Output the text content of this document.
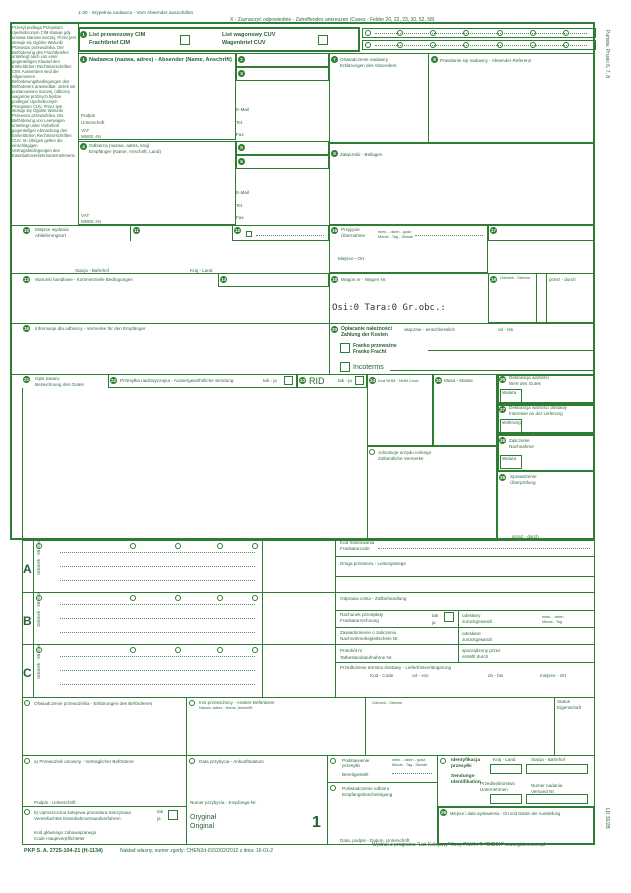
1-30 - Wypełnia nadawca - Vom Absender auszufüllen
X - Zaznaczyć odpowiednie - Zutreffendes ankreuzen (Cases - Felder 20, 22, 23, 30, 52, 58)
Przesył podlega Przepisom Ujednoliconym CIM stosuje gdy umowa stanowi inaczej. Przez jest stosuje się Ogólne Warunki Przewozu przewoźnika. Der Beförderung des Frachtbriefes unterliegt auch von einer gegenteiligen Klausel den Einheitlichen Rechtsvorschriften CIM. Ausserdem sind die Allgemeinen Beförderungsbedingungen des Beförderers anwendbar. Jeżeli nie postanowiono inaczej, odbiorcy wagonów próżnych będzie podlegać Ujednoliconym Przepisom CUV. Przez tym stosuje się Ogólne Warunki Przewozu przewoźnika. Die Beförderung von Leerwagen unterliegt unter Vorbehalt gegenteiliger Abmachung den Einheitlichen Rechtsvorschriften CUV. Im Übrigen gelten die einschlägigen Vertragsbedingungen des Eisenbahnverkehrsunternehmens.
1 List przewozowy CIM
Frachtbrief CIM
List wagonowy CUV
Wagenbrief CUV
1 Nadawca (nazwa, adres) - Absender (Name, Anschrift)
Podpis
Unterschrift
VAT
MWSt.-Nr
E-Mail
Tel.
Fax
2
3
7 Oświadczenie nadawcy
Erklärungen des Absenders
8 Powołanie się nadawcy - Absender Referenz
4 Odbiorca (nazwa, adres, kraj)
Empfänger (Name, Anschrift, Land)
VAT
MWSt.-Nr
E-Mail
Tel.
Fax
5
6
9 Załączniki - Beilagen
10 Miejsce wydania
Ablieferungsort
11	12
Stacja - Bahnhof	Kraj - Land
16 Przyjęcie
Übernahme
mies. - dzień - godz.
Monat - Tag - Stunde
Miejsce - Ort
17
13 Warunki handlowe - Kommerzielle Bedingungen	14	18 Wagon nr - Wagen Nr.
Osi:0 Tara:0 Gr.obc.:
19 Odcinek - Strecke	przez - durch
15 Informacje dla odbiorcy - Vermerke für den Empfänger	20 Opłacanie należności
Zahlung der Kosten
włącznie - einschliesslich	od - bis
Franko przewoźne
Franko Fracht
Incoterms
21 Opis towaru
Bezeichnung des Gutes
22 Przesyłka nadzwyczajna - Aussergewöhnliche Sendung	tak - ja	23 RID	tak - ja	24 Kod NHM - NHM Code	25 Masa - Masse	26 Deklaracja wartości
Wert des Gutes
Waluta
27 Deklaracja wartości dostawy
Interesse an der Lieferung
Währung
28 Zaliczenie
Nachnahme
Waluta
29 Sprawdzenie
Überprüfung
Adnotacje urzędu celnego
Zollamtliche Vermerke
A
B
C
Odcinek - Strecke
Odcinek - Strecke
Odcinek - Strecke
Kod frankowania
Frankaturcode
przez - durch
Droga przewozu - Leitungswege
Odprawa celna - Zollbehandlung
Rachunek przedpłaty
Frankaturrechnung
tak
ja
odesłany
zurückgesandt
mies. - dzień
Monat - Tag
Zawiadomienie o zaliczeniu
Nachnahmebegleitschein Nr.
odesłane
zurückgesandt
Protokół nr
Tatbestandsaufnahme Nr.
sporządzony przez
erstellt durch
Przedłużenie terminu dostawy - Lieferfristverlängerung
Kod - Code	od - von	do - bis	miejsce - Ort
Oświadczenie przewoźnika - Erklärungen des Beförderers	Inni przewoźnicy - Andere Beförderer
Nazwa, adres - Name, Anschrift
Odcinek - Strecke	Status
Eigenschaft
a) Przewoźnik umowny - Vertraglicher Beförderer
Podpis - Unterschrift
Data przybycia - Ankunftsdatum
Numer przybycia - Empfangs-Nr.
Podstawienie przesyłki
Bereitgestellt
mies. - dzień - godz.
Monat - Tag - Stunde
Poświadczenie odbioru
Empfangsbescheinigung
Data, podpis - Datum, Unterschrift
Identyfikacja przesyłki
Sendungs-Identifikation
Kraj - Land	Stacja - Bahnhof
Przedsiębiorstwo
Unternehmen
Numer nadania
Versand Nr.
b) Uproszczona kolejowa procedura tranzytowa
Vereinfachtes Eisenbahnversandverfahren
tak
ja
Kod głównego zobowiązanego
Code Hauptverpflichteter
Oryginał
Original	1
29 Miejsce i data wystawienia - Ort und Datum der Ausstellung
Państw. Pruski 6, 7, 8
LD 30/2B
PKP S. A. 2725-104-21 (H-1134)	Nakład własny, numer zgody: CHEN2d-0152/02/2012 z dnia: 16-01-2
Wydruk z programu "List Kolejowy" firmy P.U.K i T. "GIDEX" www.gidex.com.pl
